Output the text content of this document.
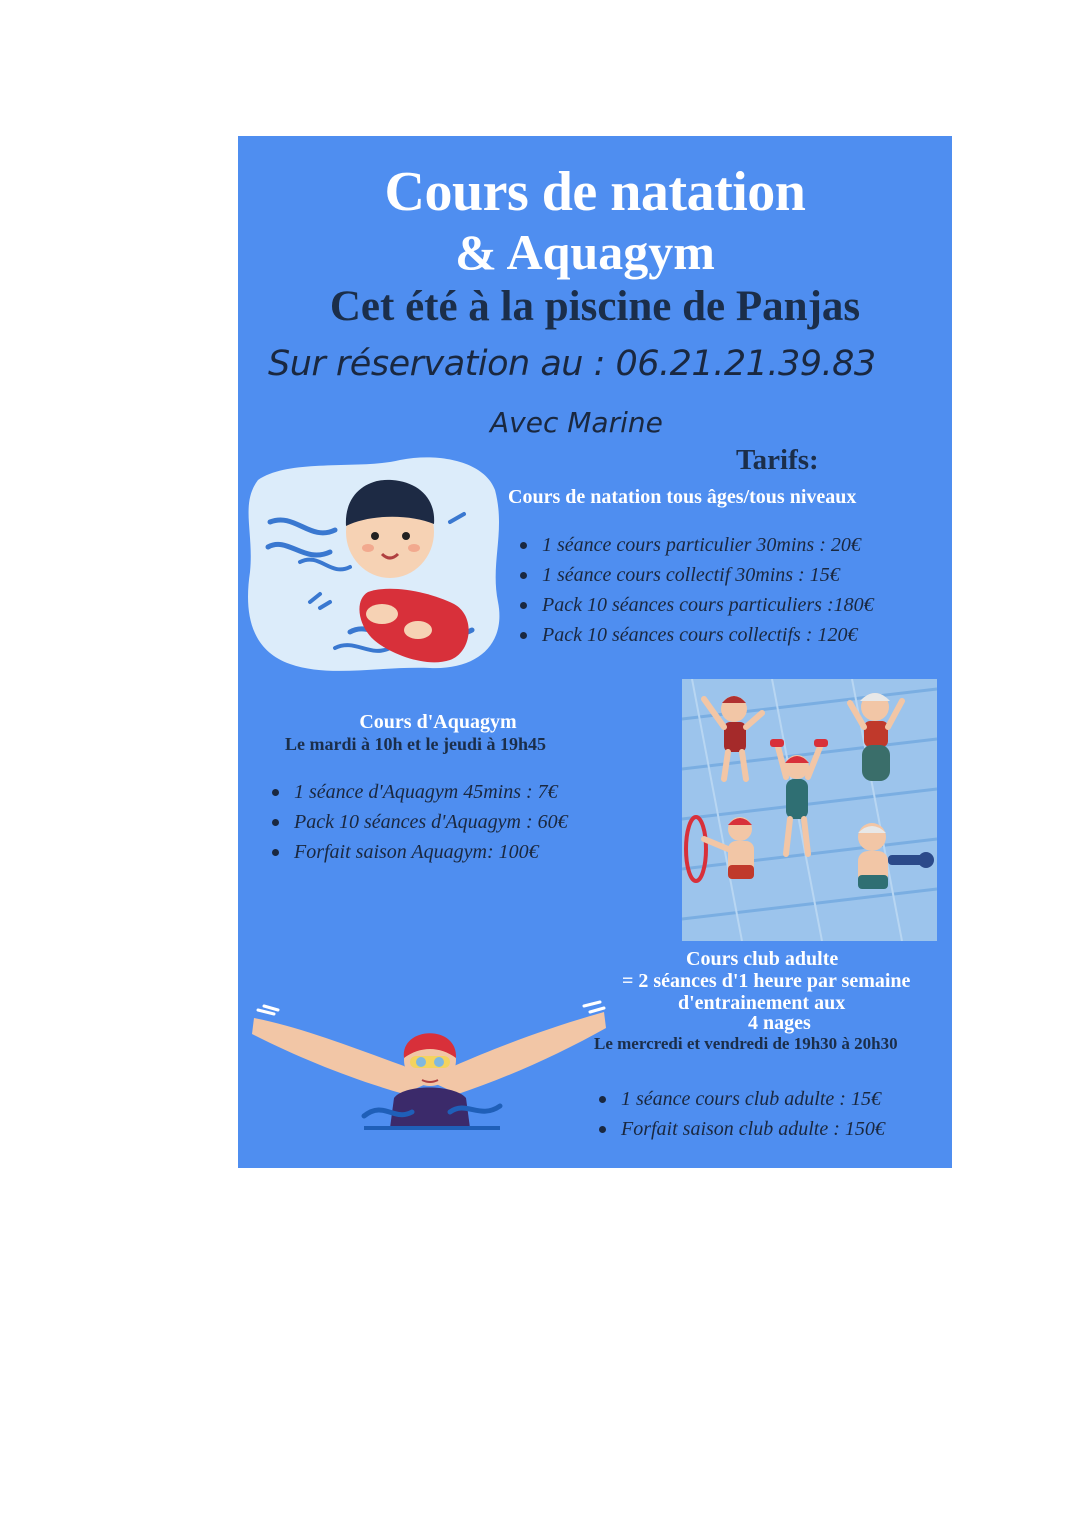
Cours de natation
& Aquagym
Cet été à la piscine de Panjas
Sur réservation au : 06.21.21.39.83
Avec Marine
Tarifs:
Cours de natation tous âges/tous niveaux
1 séance cours particulier 30mins : 20€
1 séance cours collectif 30mins : 15€
Pack 10 séances cours particuliers :180€
Pack 10 séances cours collectifs : 120€
Cours d'Aquagym
Le mardi à 10h et le jeudi à 19h45
1 séance d'Aquagym 45mins : 7€
Pack 10 séances d'Aquagym : 60€
Forfait saison Aquagym: 100€
Cours club adulte
= 2 séances d'1 heure par semaine
d'entrainement aux
4 nages
Le mercredi et vendredi de 19h30 à 20h30
1 séance cours club adulte : 15€
Forfait saison club adulte : 150€
